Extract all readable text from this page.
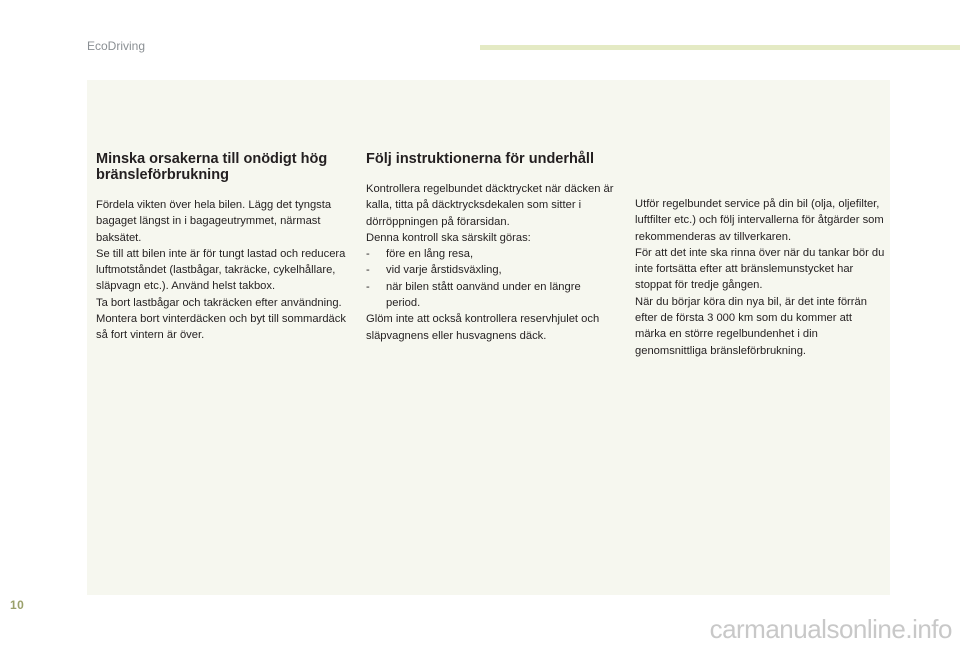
EcoDriving
Minska orsakerna till onödigt hög bränsleförbrukning

Fördela vikten över hela bilen. Lägg det tyngsta bagaget längst in i bagageutrymmet, närmast baksätet.

Se till att bilen inte är för tungt lastad och reducera luftmotståndet (lastbågar, takräcke, cykelhållare, släpvagn etc.). Använd helst takbox.

Ta bort lastbågar och takräcken efter användning.

Montera bort vinterdäcken och byt till sommardäck så fort vintern är över.

Följ instruktionerna för underhåll

Kontrollera regelbundet däcktrycket när däcken är kalla, titta på däcktrycksdekalen som sitter i dörröppningen på förarsidan.

Denna kontroll ska särskilt göras:

- före en lång resa,
- vid varje årstidsväxling,
- när bilen stått oanvänd under en längre period.

Glöm inte att också kontrollera reservhjulet och släpvagnens eller husvagnens däck.

Utför regelbundet service på din bil (olja, oljefilter, luftfilter etc.) och följ intervallerna för åtgärder som rekommenderas av tillverkaren.

För att det inte ska rinna över när du tankar bör du inte fortsätta efter att bränslemunstycket har stoppat för tredje gången.

När du börjar köra din nya bil, är det inte förrän efter de första 3 000 km som du kommer att märka en större regelbundenhet i din genomsnittliga bränsleförbrukning.

10
carmanualsonline.info
